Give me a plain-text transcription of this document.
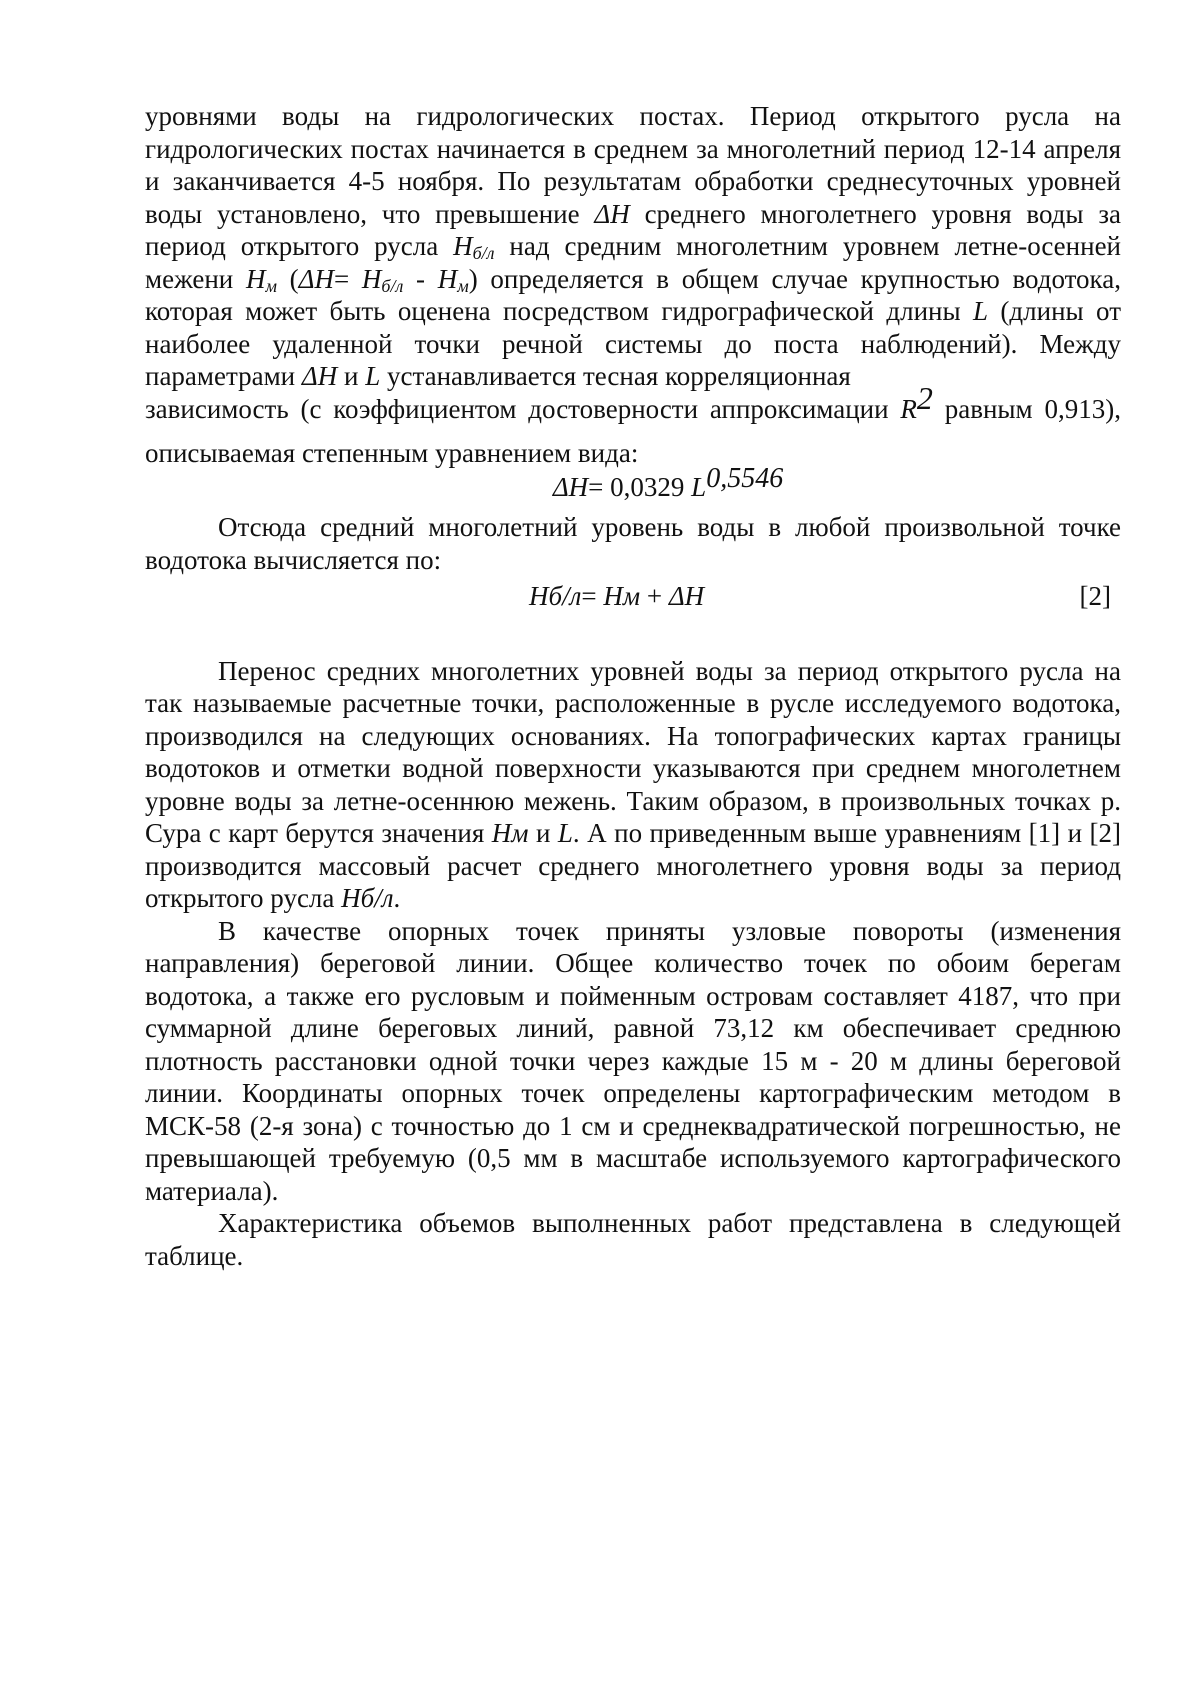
уровнями воды на гидрологических постах. Период открытого русла на гидрологических постах начинается в среднем за многолетний период 12-14 апреля и заканчивается 4-5 ноября. По результатам обработки среднесуточных уровней воды установлено, что превышение ΔH среднего многолетнего уровня воды за период открытого русла $H_{б/л}$ над средним многолетним уровнем летне-осенней межени $H_м$ $(\Delta H= H_{б/л} - H_м)$ определяется в общем случае крупностью водотока, которая может быть оценена посредством гидрографической длины L (длины от наиболее удаленной точки речной системы до поста наблюдений). Между параметрами ΔH и L устанавливается тесная корреляционная

зависимость (с коэффициентом достоверности аппроксимации $R^2$ равным 0,913), описываемая степенным уравнением вида:

ΔH= 0,0329 L0,5546

Отсюда средний многолетний уровень воды в любой произвольной точке водотока вычисляется по:

Нб/л= Нм + ΔH	[2]

Перенос средних многолетних уровней воды за период открытого русла на так называемые расчетные точки, расположенные в русле исследуемого водотока, производился на следующих основаниях. На топографических картах границы водотоков и отметки водной поверхности указываются при среднем многолетнем уровне воды за летне-осеннюю межень. Таким образом, в произвольных точках р. Сура с карт берутся значения Нм и L. А по приведенным выше уравнениям [1] и [2] производится массовый расчет среднего многолетнего уровня воды за период открытого русла Нб/л.

В качестве опорных точек приняты узловые повороты (изменения направления) береговой линии. Общее количество точек по обоим берегам водотока, а также его русловым и пойменным островам составляет 4187, что при суммарной длине береговых линий, равной 73,12 км обеспечивает среднюю плотность расстановки одной точки через каждые 15 м - 20 м длины береговой линии. Координаты опорных точек определены картографическим методом в МСК-58 (2-я зона) с точностью до 1 см и среднеквадратической погрешностью, не превышающей требуемую (0,5 мм в масштабе используемого картографического материала).

Характеристика объемов выполненных работ представлена в следующей таблице.
